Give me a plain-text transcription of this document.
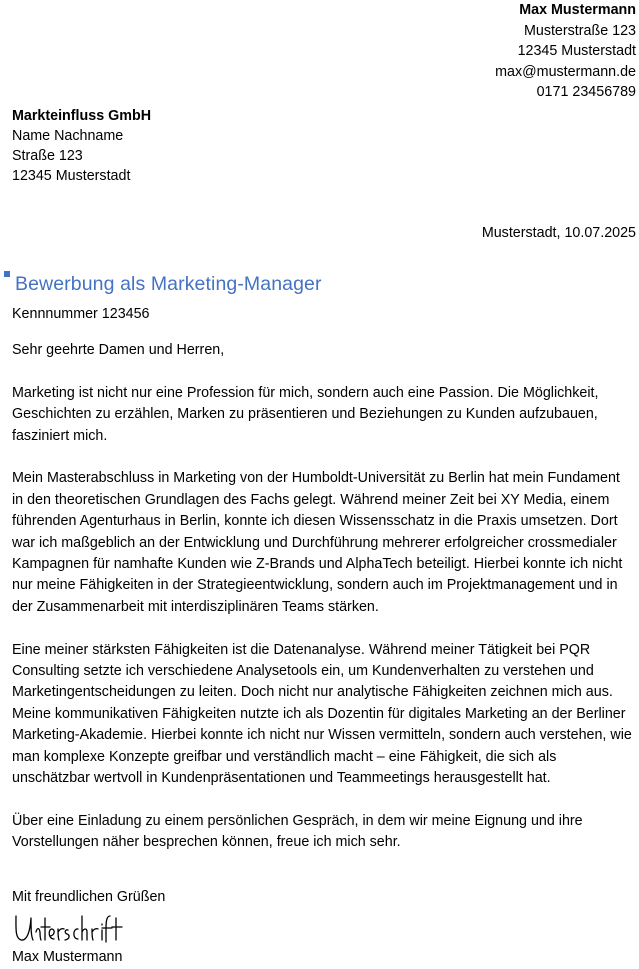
Max Mustermann
Musterstraße 123
12345 Musterstadt
max@mustermann.de
0171 23456789
Markteinfluss GmbH
Name Nachname
Straße 123
12345 Musterstadt
Musterstadt, 10.07.2025
Bewerbung als Marketing-Manager
Kennnummer 123456

Sehr geehrte Damen und Herren,

Marketing ist nicht nur eine Profession für mich, sondern auch eine Passion. Die Möglichkeit, Geschichten zu erzählen, Marken zu präsentieren und Beziehungen zu Kunden aufzubauen, fasziniert mich.

Mein Masterabschluss in Marketing von der Humboldt-Universität zu Berlin hat mein Fundament in den theoretischen Grundlagen des Fachs gelegt. Während meiner Zeit bei XY Media, einem führenden Agenturhaus in Berlin, konnte ich diesen Wissensschatz in die Praxis umsetzen. Dort war ich maßgeblich an der Entwicklung und Durchführung mehrerer erfolgreicher crossmedialer Kampagnen für namhafte Kunden wie Z-Brands und AlphaTech beteiligt. Hierbei konnte ich nicht nur meine Fähigkeiten in der Strategieentwicklung, sondern auch im Projektmanagement und in der Zusammenarbeit mit interdisziplinären Teams stärken.

Eine meiner stärksten Fähigkeiten ist die Datenanalyse. Während meiner Tätigkeit bei PQR Consulting setzte ich verschiedene Analysetools ein, um Kundenverhalten zu verstehen und Marketingentscheidungen zu leiten. Doch nicht nur analytische Fähigkeiten zeichnen mich aus. Meine kommunikativen Fähigkeiten nutzte ich als Dozentin für digitales Marketing an der Berliner Marketing-Akademie. Hierbei konnte ich nicht nur Wissen vermitteln, sondern auch verstehen, wie man komplexe Konzepte greifbar und verständlich macht – eine Fähigkeit, die sich als unschätzbar wertvoll in Kundenpräsentationen und Teammeetings herausgestellt hat.

Über eine Einladung zu einem persönlichen Gespräch, in dem wir meine Eignung und ihre Vorstellungen näher besprechen können, freue ich mich sehr.

Mit freundlichen Grüßen
Max Mustermann
